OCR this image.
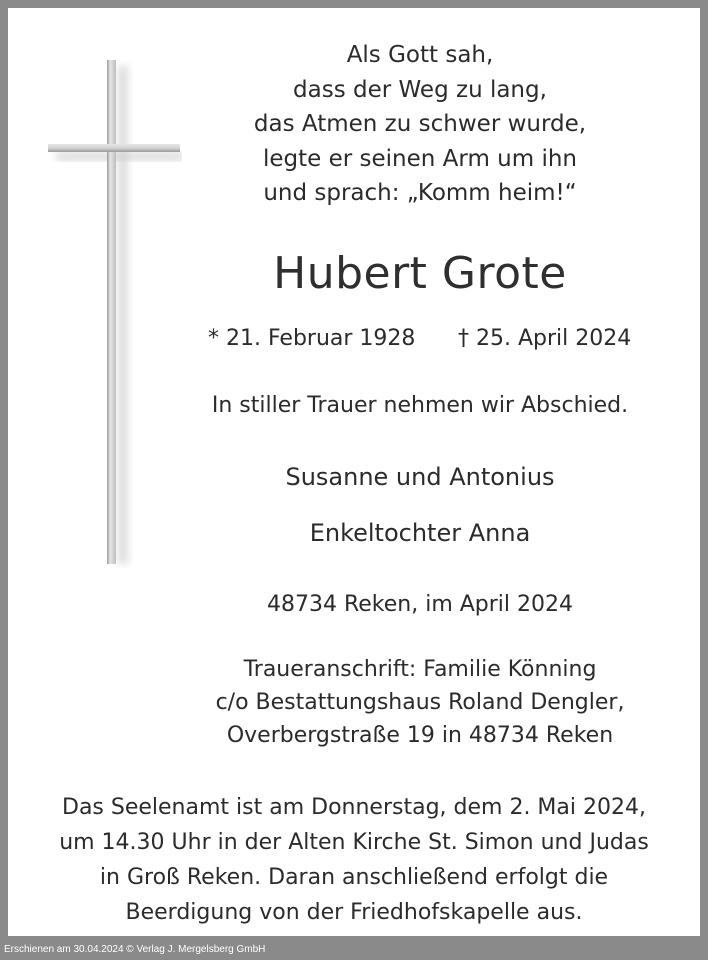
Als Gott sah,
dass der Weg zu lang,
das Atmen zu schwer wurde,
legte er seinen Arm um ihn
und sprach: „Komm heim!“
Hubert Grote
* 21. Februar 1928 † 25. April 2024
In stiller Trauer nehmen wir Abschied.
Susanne und Antonius
Enkeltochter Anna
48734 Reken, im April 2024
Traueranschrift: Familie Könning
c/o Bestattungshaus Roland Dengler,
Overbergstraße 19 in 48734 Reken
Das Seelenamt ist am Donnerstag, dem 2. Mai 2024,
um 14.30 Uhr in der Alten Kirche St. Simon und Judas
in Groß Reken. Daran anschließend erfolgt die
Beerdigung von der Friedhofskapelle aus.
Erschienen am 30.04.2024 © Verlag J. Mergelsberg GmbH
